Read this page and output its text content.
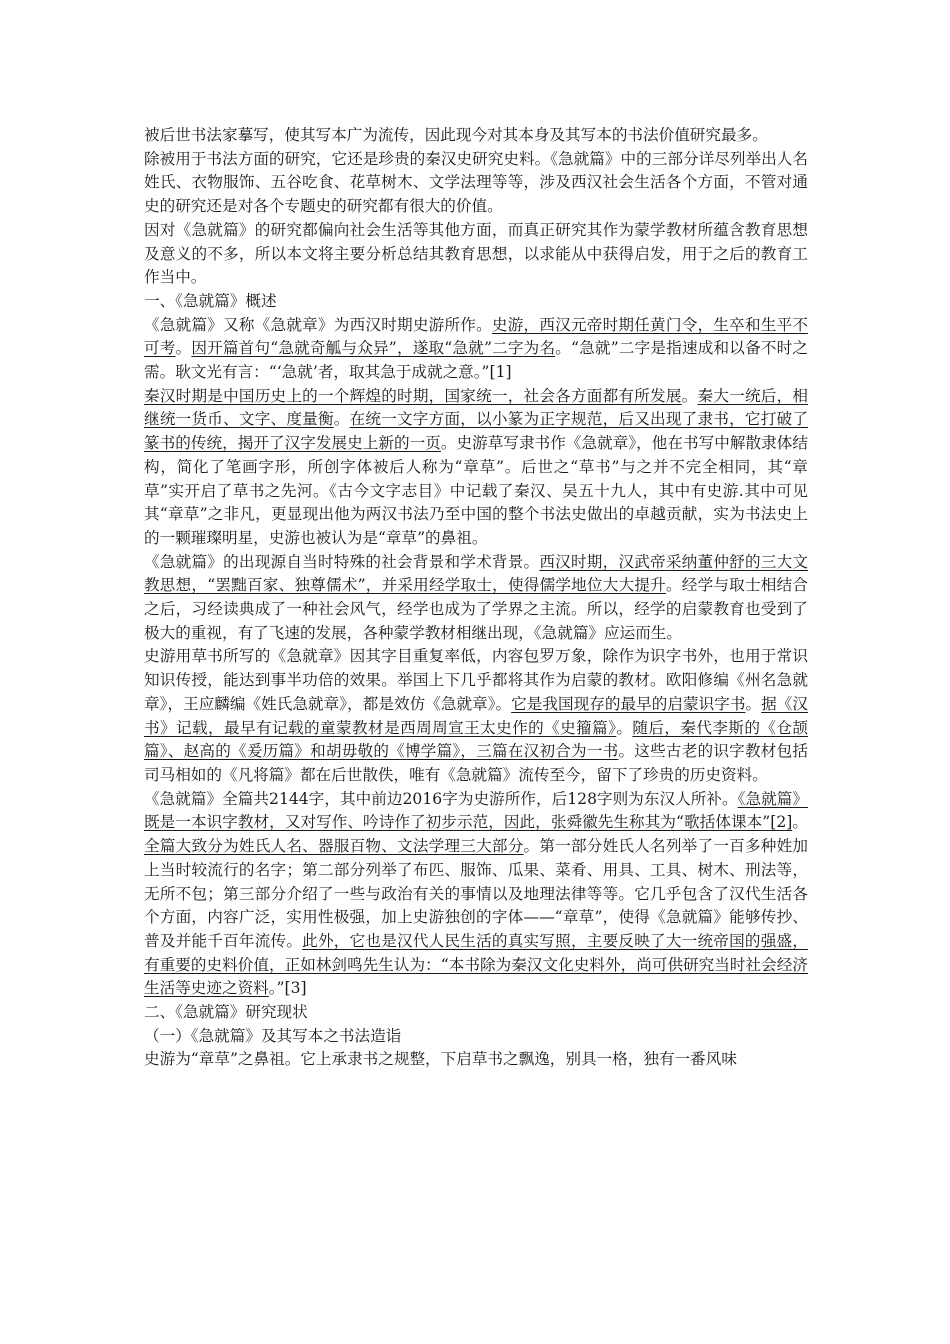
被后世书法家摹写，使其写本广为流传，因此现今对其本身及其写本的书法价值研究最多。

除被用于书法方面的研究，它还是珍贵的秦汉史研究史料。《急就篇》中的三部分详尽列举出人名姓氏、衣物服饰、五谷吃食、花草树木、文学法理等等，涉及西汉社会生活各个方面，不管对通史的研究还是对各个专题史的研究都有很大的价值。

因对《急就篇》的研究都偏向社会生活等其他方面，而真正研究其作为蒙学教材所蕴含教育思想及意义的不多，所以本文将主要分析总结其教育思想，以求能从中获得启发，用于之后的教育工作当中。

一、《急就篇》概述

《急就篇》又称《急就章》为西汉时期史游所作。史游，西汉元帝时期任黄门令，生卒和生平不可考。因开篇首句“急就奇觚与众异”，遂取“急就”二字为名。“急就”二字是指速成和以备不时之需。耿文光有言：“‘急就’者，取其急于成就之意。”[1]

秦汉时期是中国历史上的一个辉煌的时期，国家统一，社会各方面都有所发展。秦大一统后，相继统一货币、文字、度量衡。在统一文字方面，以小篆为正字规范，后又出现了隶书，它打破了篆书的传统，揭开了汉字发展史上新的一页。史游草写隶书作《急就章》，他在书写中解散隶体结构，简化了笔画字形，所创字体被后人称为“章草”。后世之“草书”与之并不完全相同，其“章草”实开启了草书之先河。《古今文字志目》中记载了秦汉、吴五十九人，其中有史游.其中可见其“章草”之非凡，更显现出他为两汉书法乃至中国的整个书法史做出的卓越贡献，实为书法史上的一颗璀璨明星，史游也被认为是“章草”的鼻祖。

《急就篇》的出现源自当时特殊的社会背景和学术背景。西汉时期，汉武帝采纳董仲舒的三大文教思想，“罢黜百家、独尊儒术”，并采用经学取士，使得儒学地位大大提升。经学与取士相结合之后，习经读典成了一种社会风气，经学也成为了学界之主流。所以，经学的启蒙教育也受到了极大的重视，有了飞速的发展，各种蒙学教材相继出现，《急就篇》应运而生。

史游用草书所写的《急就章》因其字目重复率低，内容包罗万象，除作为识字书外，也用于常识知识传授，能达到事半功倍的效果。举国上下几乎都将其作为启蒙的教材。欧阳修编《州名急就章》，王应麟编《姓氏急就章》，都是效仿《急就章》。它是我国现存的最早的启蒙识字书。据《汉书》记载，最早有记载的童蒙教材是西周周宣王太史作的《史籀篇》。随后，秦代李斯的《仓颉篇》、赵高的《爰历篇》和胡毋敬的《博学篇》，三篇在汉初合为一书。这些古老的识字教材包括司马相如的《凡将篇》都在后世散佚，唯有《急就篇》流传至今，留下了珍贵的历史资料。

《急就篇》全篇共2144字，其中前边2016字为史游所作，后128字则为东汉人所补。《急就篇》既是一本识字教材，又对写作、吟诗作了初步示范，因此，张舜徽先生称其为“歌括体课本”[2]。全篇大致分为姓氏人名、器服百物、文法学理三大部分。第一部分姓氏人名列举了一百多种姓加上当时较流行的名字；第二部分列举了布匹、服饰、瓜果、菜肴、用具、工具、树木、刑法等，无所不包；第三部分介绍了一些与政治有关的事情以及地理法律等等。它几乎包含了汉代生活各个方面，内容广泛，实用性极强，加上史游独创的字体——“章草”，使得《急就篇》能够传抄、普及并能千百年流传。此外，它也是汉代人民生活的真实写照，主要反映了大一统帝国的强盛，有重要的史料价值，正如林剑鸣先生认为：“本书除为秦汉文化史料外，尚可供研究当时社会经济生活等史迹之资料。”[3]

二、《急就篇》研究现状

（一）《急就篇》及其写本之书法造诣

史游为“章草”之鼻祖。它上承隶书之规整，下启草书之飘逸，别具一格，独有一番风味
